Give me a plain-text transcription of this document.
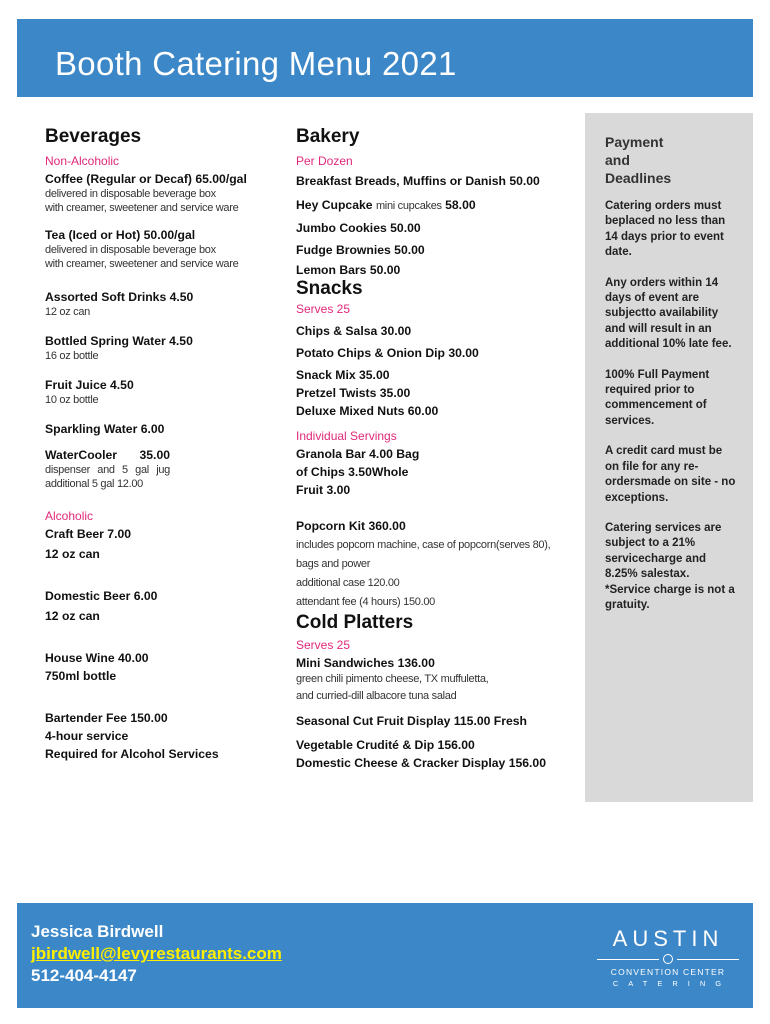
Booth Catering Menu 2021
Beverages
Non-Alcoholic
Coffee (Regular or Decaf) 65.00/gal
delivered in disposable beverage box
with creamer, sweetener and service ware
Tea (Iced or Hot) 50.00/gal
delivered in disposable beverage box
with creamer, sweetener and service ware
Assorted Soft Drinks 4.50
12 oz can
Bottled Spring Water 4.50
16 oz bottle
Fruit Juice 4.50
10 oz bottle
Sparkling Water 6.00
WaterCooler 35.00
dispenser and 5 gal jug
additional 5 gal 12.00
Alcoholic
Craft Beer 7.00
12 oz can
Domestic Beer 6.00
12 oz can
House Wine 40.00
750ml bottle
Bartender Fee 150.00
4-hour service
Required for Alcohol Services
Bakery
Per Dozen
Breakfast Breads, Muffins or Danish 50.00
Hey Cupcake mini cupcakes 58.00
Jumbo Cookies 50.00
Fudge Brownies 50.00
Lemon Bars 50.00
Snacks
Serves 25
Chips & Salsa 30.00
Potato Chips & Onion Dip 30.00
Snack Mix 35.00
Pretzel Twists 35.00
Deluxe Mixed Nuts 60.00
Individual Servings
Granola Bar 4.00 Bag
of Chips 3.50Whole
Fruit 3.00
Popcorn Kit 360.00
includes popcorn machine, case of popcorn(serves 80),
bags and power
additional case 120.00
attendant fee (4 hours) 150.00
Cold Platters
Serves 25
Mini Sandwiches 136.00
green chili pimento cheese, TX muffuletta,
and curried-dill albacore tuna salad
Seasonal Cut Fruit Display 115.00 Fresh
Vegetable Crudité & Dip 156.00
Domestic Cheese & Cracker Display 156.00
Payment
and
Deadlines

Catering orders must beplaced no less than 14 days prior to event date.

Any orders within 14 days of event are subjectto availability and will result in an additional 10% late fee.

100% Full Payment required prior to commencement of services.

A credit card must be on file for any re-ordersmade on site - no exceptions.

Catering services are subject to a 21% servicecharge and 8.25% salestax. *Service charge is not a gratuity.

Jessica Birdwell
jbirdwell@levyrestaurants.com
512-404-4147
AUSTIN
CONVENTION CENTER
CATERING
